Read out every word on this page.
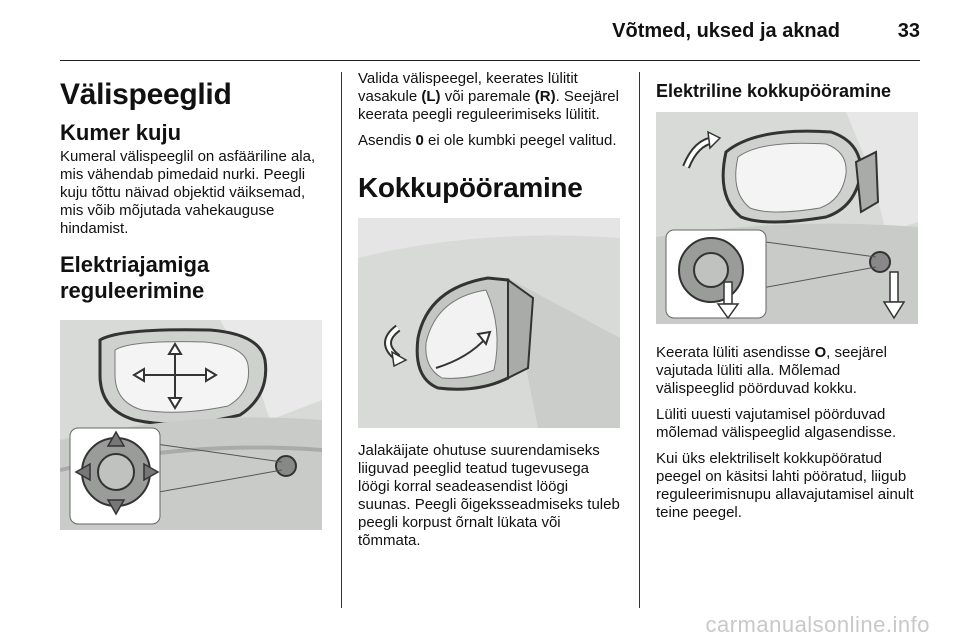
Võtmed, uksed ja aknad	33
Välispeeglid
Kumer kuju

Kumeral välispeeglil on asfääriline ala, mis vähendab pimedaid nurki. Peegli kuju tõttu näivad objektid väiksemad, mis võib mõjutada vahekauguse hindamist.

Elektriajamiga
reguleerimine

Valida välispeegel, keerates lülitit vasakule (L) või paremale (R). Seejärel keerata peegli reguleerimiseks lülitit.

Asendis 0 ei ole kumbki peegel valitud.

Kokkupööramine

Jalakäijate ohutuse suurendamiseks liiguvad peeglid teatud tugevusega löögi korral seadeasendist löögi suunas. Peegli õigeksseadmiseks tuleb peegli korpust õrnalt lükata või tõmmata.

Elektriline kokkupööramine

Keerata lüliti asendisse O, seejärel vajutada lüliti alla. Mõlemad välispeeglid pöörduvad kokku.

Lüliti uuesti vajutamisel pöörduvad mõlemad välispeeglid algasendisse.

Kui üks elektriliselt kokkupööratud peegel on käsitsi lahti pööratud, liigub reguleerimisnupu allavajutamisel ainult teine peegel.

carmanualsonline.info
